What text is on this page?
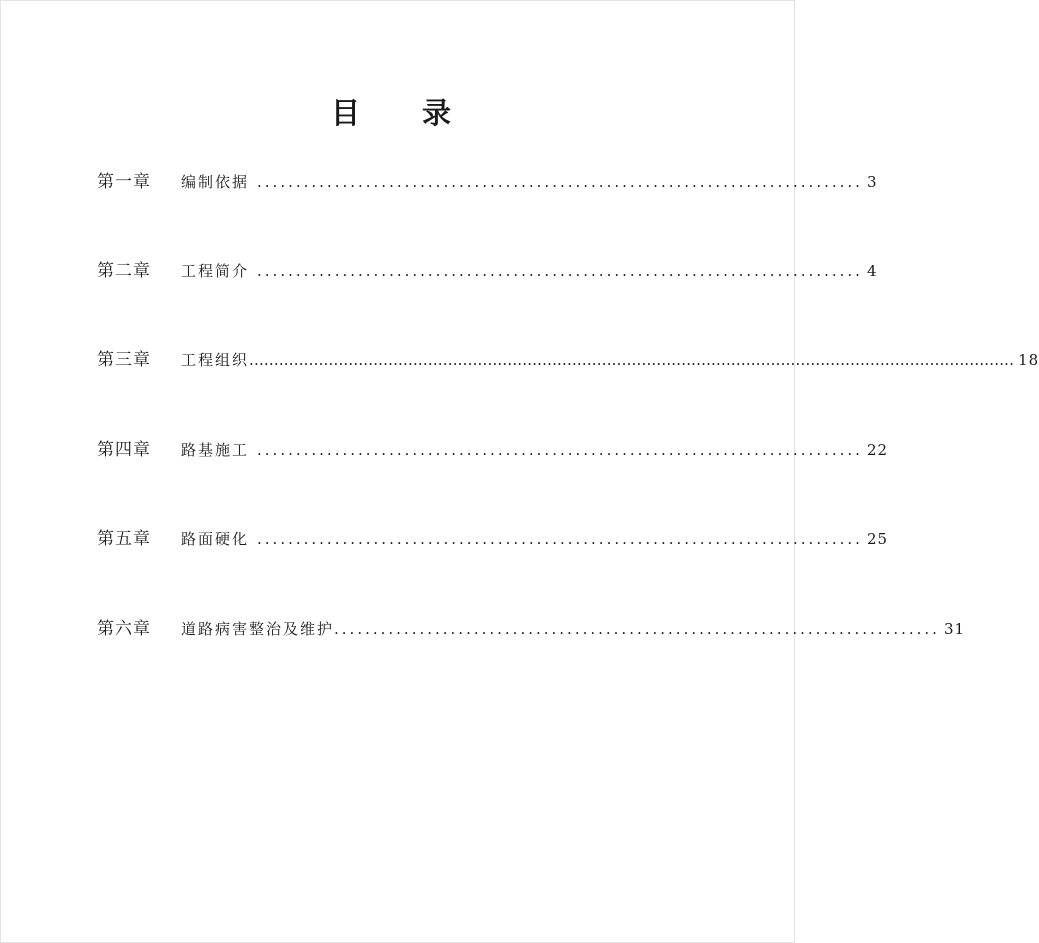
目 录
第一章	编制依据 .............................................................................. 3
第二章	工程简介 .............................................................................. 4
第三章	工程组织 .......................................................................................................................................................... 18
第四章	路基施工 .............................................................................. 22
第五章	路面硬化 .............................................................................. 25
第六章	道路病害整治及维护 .............................................................................. 31
